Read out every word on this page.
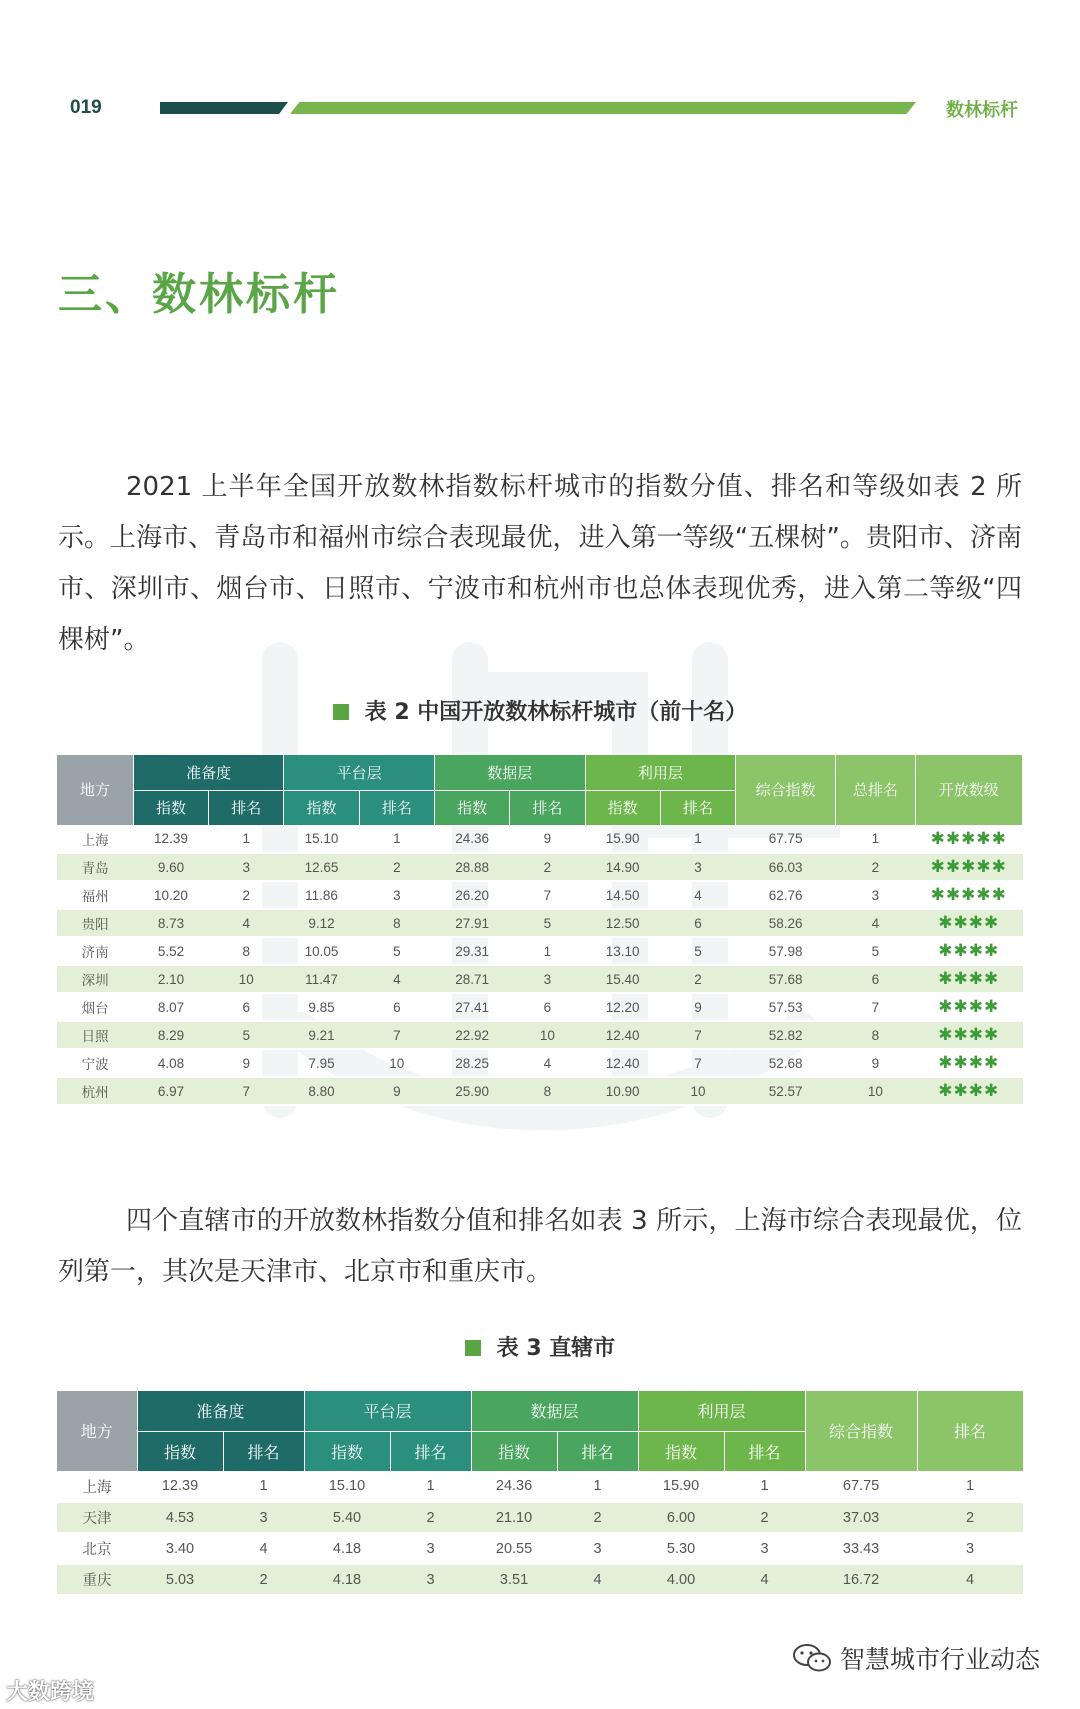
019	数林标杆
三、数林标杆

2021 上半年全国开放数林指数标杆城市的指数分值、排名和等级如表 2 所示。上海市、青岛市和福州市综合表现最优，进入第一等级“五棵树”。贵阳市、济南市、深圳市、烟台市、日照市、宁波市和杭州市也总体表现优秀，进入第二等级“四棵树”。

表 2 中国开放数林标杆城市（前十名）
地方	准备度		平台层		数据层		利用层		综合指数	总排名	开放数级
	指数	排名	指数	排名	指数	排名	指数	排名			
上海	12.39	1	15.10	1	24.36	9	15.90	1	67.75	1	✱✱✱✱✱
青岛	9.60	3	12.65	2	28.88	2	14.90	3	66.03	2	✱✱✱✱✱
福州	10.20	2	11.86	3	26.20	7	14.50	4	62.76	3	✱✱✱✱✱
贵阳	8.73	4	9.12	8	27.91	5	12.50	6	58.26	4	✱✱✱✱
济南	5.52	8	10.05	5	29.31	1	13.10	5	57.98	5	✱✱✱✱
深圳	2.10	10	11.47	4	28.71	3	15.40	2	57.68	6	✱✱✱✱
烟台	8.07	6	9.85	6	27.41	6	12.20	9	57.53	7	✱✱✱✱
日照	8.29	5	9.21	7	22.92	10	12.40	7	52.82	8	✱✱✱✱
宁波	4.08	9	7.95	10	28.25	4	12.40	7	52.68	9	✱✱✱✱
杭州	6.97	7	8.80	9	25.90	8	10.90	10	52.57	10	✱✱✱✱

四个直辖市的开放数林指数分值和排名如表 3 所示，上海市综合表现最优，位列第一，其次是天津市、北京市和重庆市。

表 3 直辖市
地方	准备度		平台层		数据层		利用层		综合指数	排名
	指数	排名	指数	排名	指数	排名	指数	排名		
上海	12.39	1	15.10	1	24.36	1	15.90	1	67.75	1
天津	4.53	3	5.40	2	21.10	2	6.00	2	37.03	2
北京	3.40	4	4.18	3	20.55	3	5.30	3	33.43	3
重庆	5.03	2	4.18	3	3.51	4	4.00	4	16.72	4
大数跨境
智慧城市行业动态
